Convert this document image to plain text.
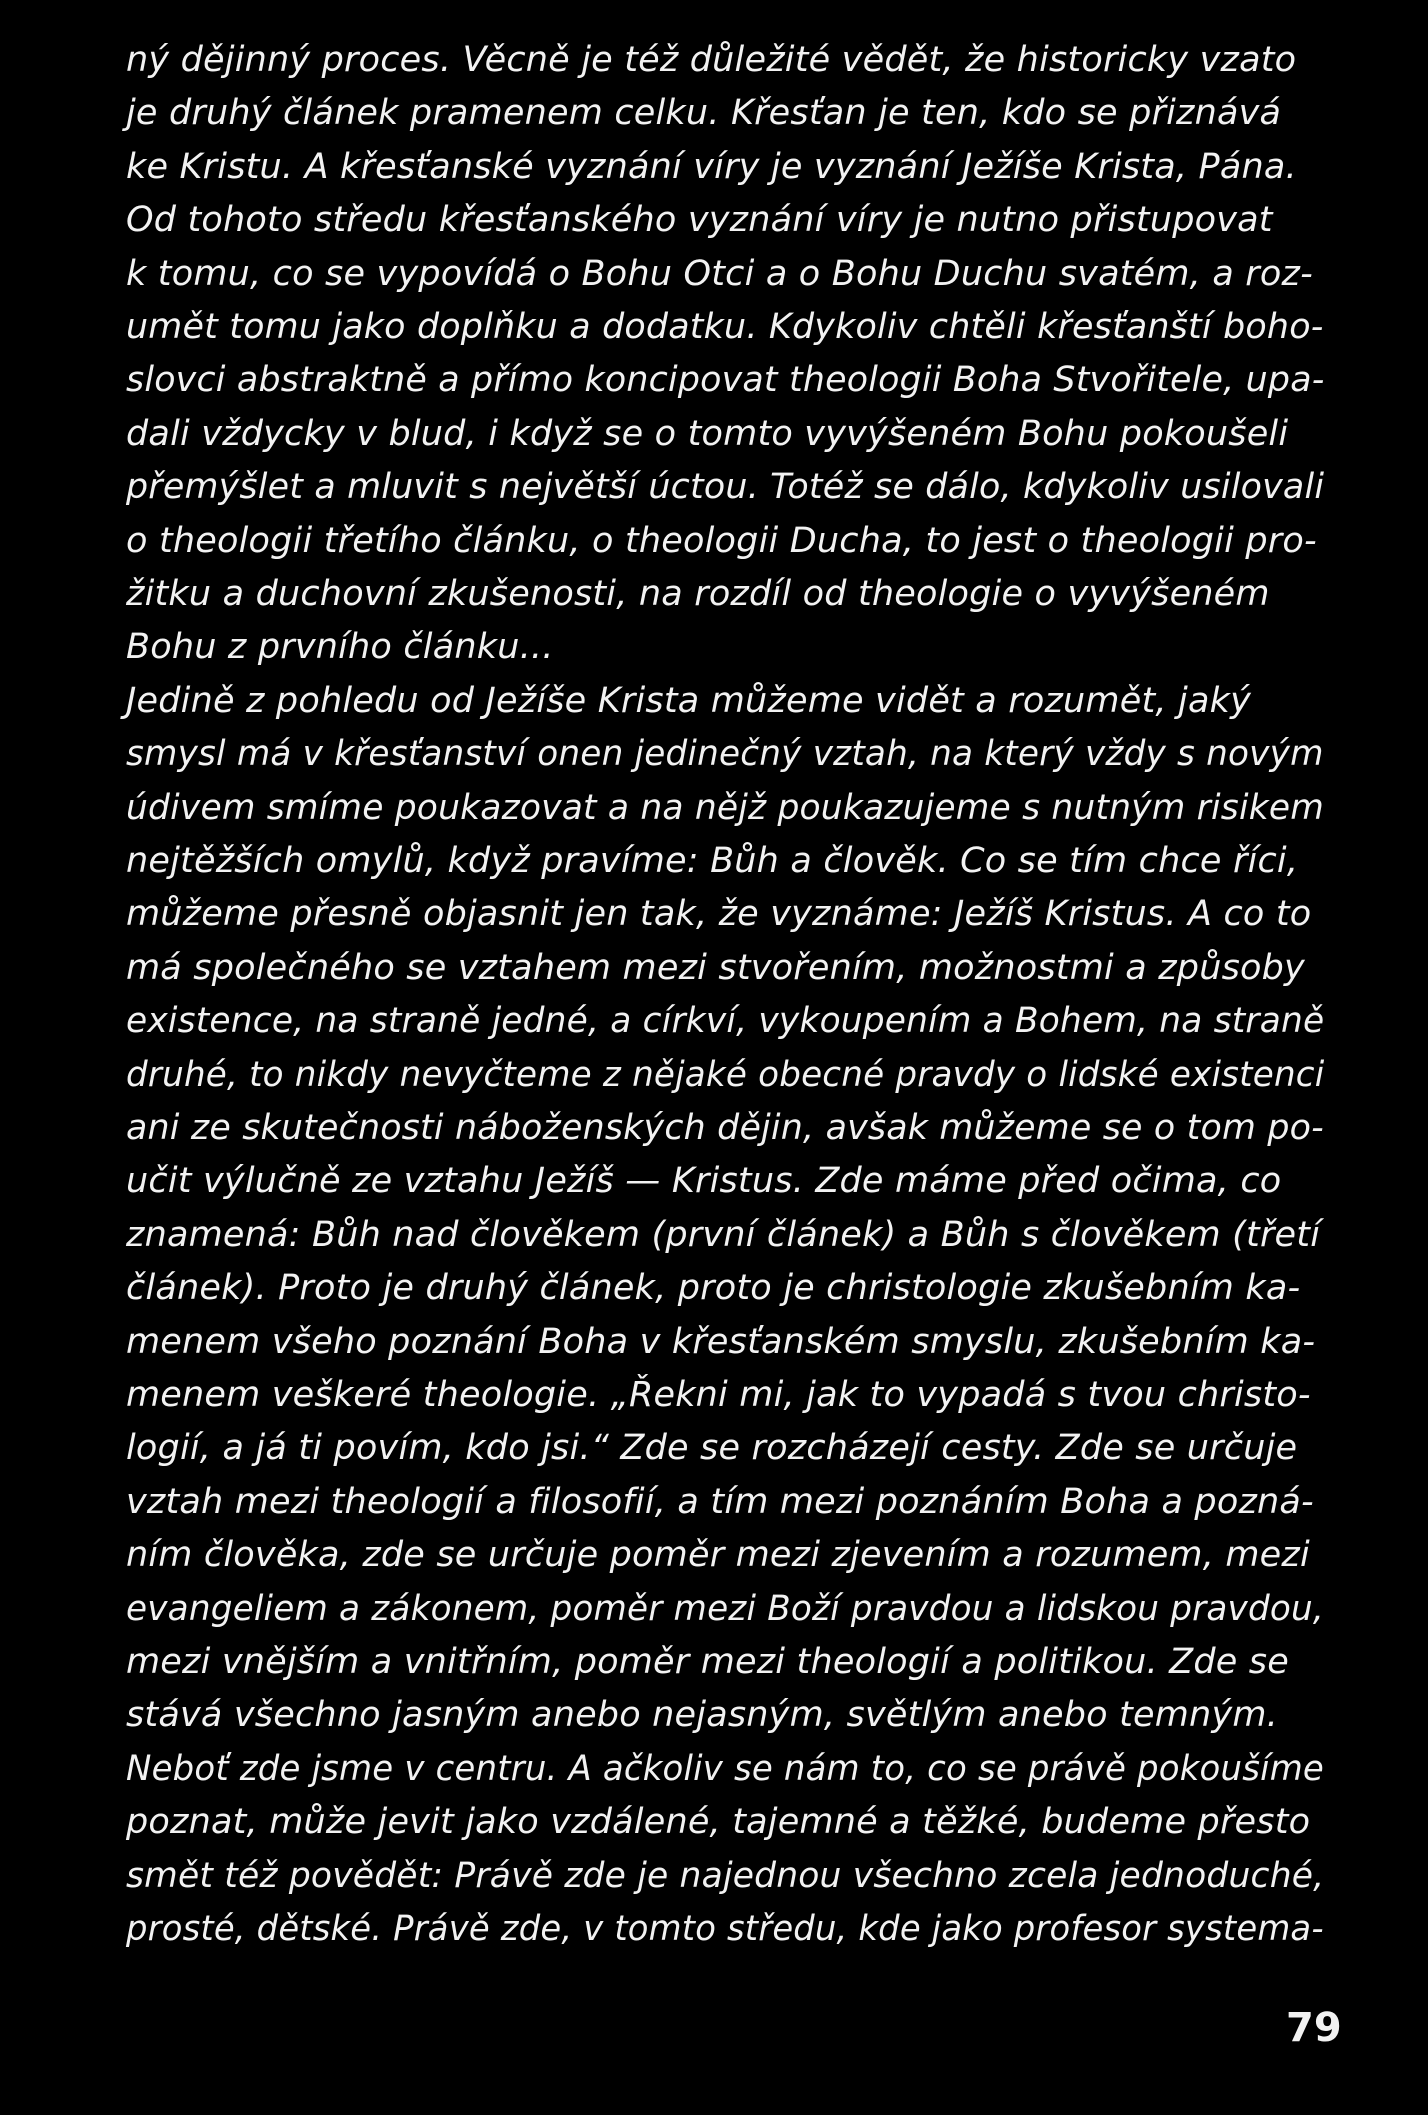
ný dějinný proces. Věcně je též důležité vědět, že historicky vzato
je druhý článek pramenem celku. Křesťan je ten, kdo se přiznává
ke Kristu. A křesťanské vyznání víry je vyznání Ježíše Krista, Pána.
Od tohoto středu křesťanského vyznání víry je nutno přistupovat
k tomu, co se vypovídá o Bohu Otci a o Bohu Duchu svatém, a roz-
umět tomu jako doplňku a dodatku. Kdykoliv chtěli křesťanští boho-
slovci abstraktně a přímo koncipovat theologii Boha Stvořitele, upa-
dali vždycky v blud, i když se o tomto vyvýšeném Bohu pokoušeli
přemýšlet a mluvit s největší úctou. Totéž se dálo, kdykoliv usilovali
o theologii třetího článku, o theologii Ducha, to jest o theologii pro-
žitku a duchovní zkušenosti, na rozdíl od theologie o vyvýšeném
Bohu z prvního článku...
Jedině z pohledu od Ježíše Krista můžeme vidět a rozumět, jaký
smysl má v křesťanství onen jedinečný vztah, na který vždy s novým
údivem smíme poukazovat a na nějž poukazujeme s nutným risikem
nejtěžších omylů, když pravíme: Bůh a člověk. Co se tím chce říci,
můžeme přesně objasnit jen tak, že vyznáme: Ježíš Kristus. A co to
má společného se vztahem mezi stvořením, možnostmi a způsoby
existence, na straně jedné, a církví, vykoupením a Bohem, na straně
druhé, to nikdy nevyčteme z nějaké obecné pravdy o lidské existenci
ani ze skutečnosti náboženských dějin, avšak můžeme se o tom po-
učit výlučně ze vztahu Ježíš — Kristus. Zde máme před očima, co
znamená: Bůh nad člověkem (první článek) a Bůh s člověkem (třetí
článek). Proto je druhý článek, proto je christologie zkušebním ka-
menem všeho poznání Boha v křesťanském smyslu, zkušebním ka-
menem veškeré theologie. „Řekni mi, jak to vypadá s tvou christo-
logií, a já ti povím, kdo jsi.“ Zde se rozcházejí cesty. Zde se určuje
vztah mezi theologií a filosofií, a tím mezi poznáním Boha a pozná-
ním člověka, zde se určuje poměr mezi zjevením a rozumem, mezi
evangeliem a zákonem, poměr mezi Boží pravdou a lidskou pravdou,
mezi vnějším a vnitřním, poměr mezi theologií a politikou. Zde se
stává všechno jasným anebo nejasným, světlým anebo temným.
Neboť zde jsme v centru. A ačkoliv se nám to, co se právě pokoušíme
poznat, může jevit jako vzdálené, tajemné a těžké, budeme přesto
smět též povědět: Právě zde je najednou všechno zcela jednoduché,
prosté, dětské. Právě zde, v tomto středu, kde jako profesor systema-
79
